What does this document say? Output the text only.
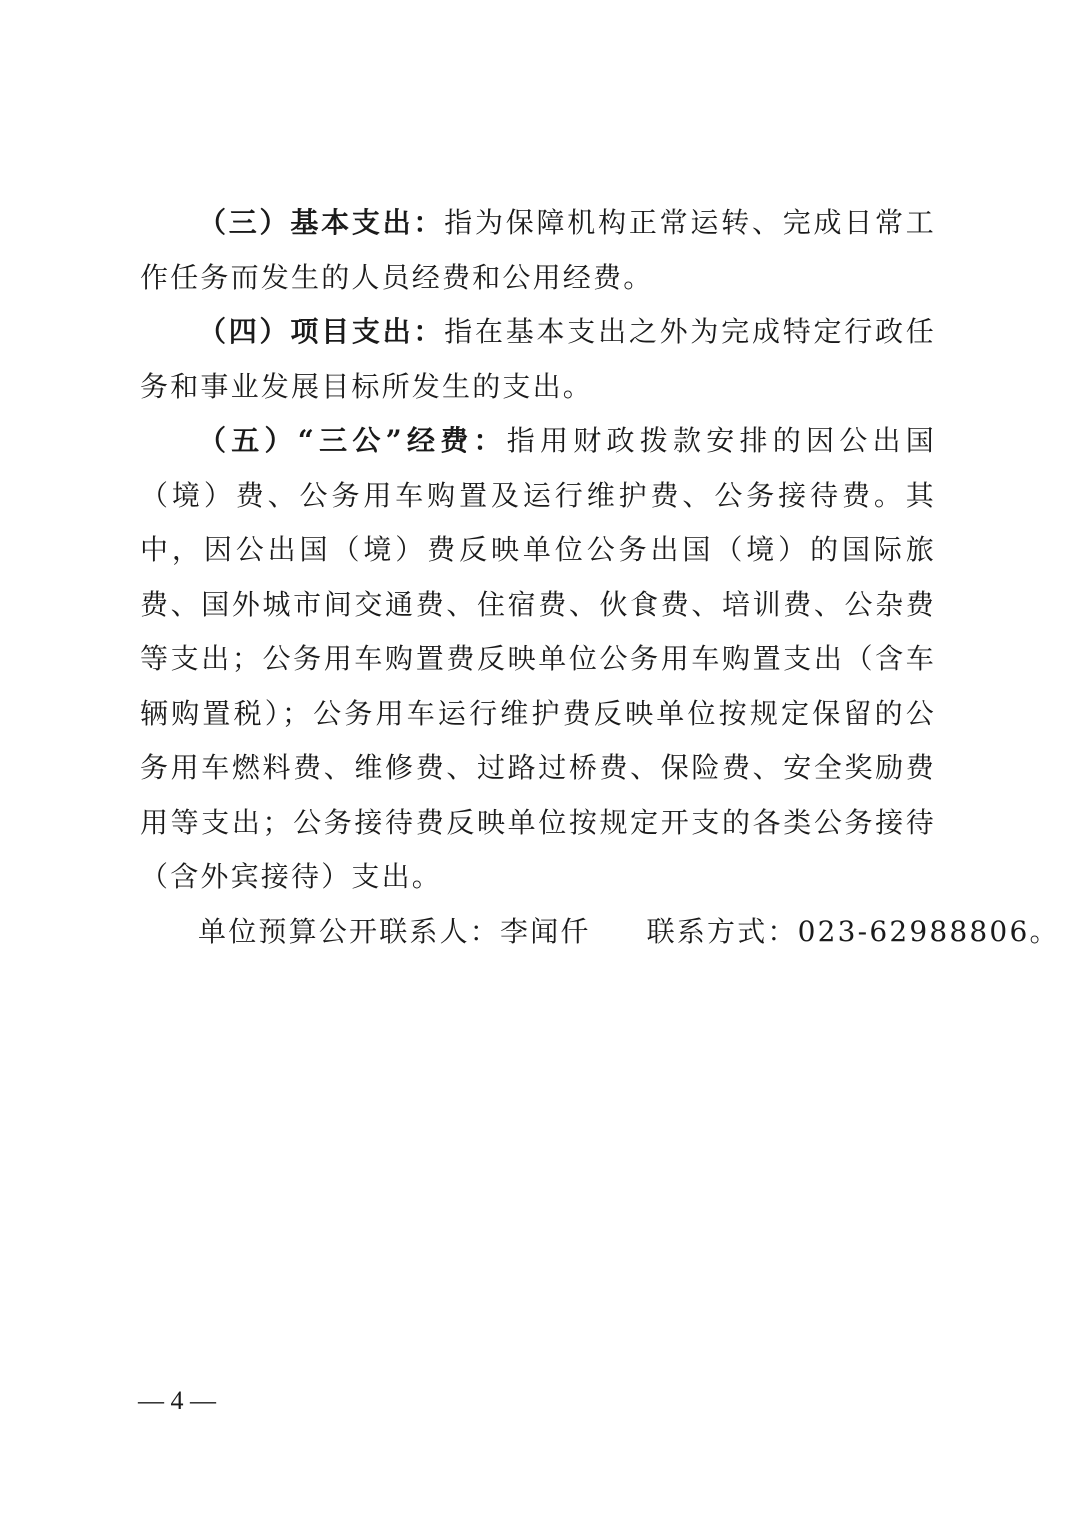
（三）基本支出：指为保障机构正常运转、完成日常工作任务而发生的人员经费和公用经费。

（四）项目支出：指在基本支出之外为完成特定行政任务和事业发展目标所发生的支出。

（五）“三公”经费：指用财政拨款安排的因公出国（境）费、公务用车购置及运行维护费、公务接待费。其中，因公出国（境）费反映单位公务出国（境）的国际旅费、国外城市间交通费、住宿费、伙食费、培训费、公杂费等支出；公务用车购置费反映单位公务用车购置支出（含车辆购置税）；公务用车运行维护费反映单位按规定保留的公务用车燃料费、维修费、过路过桥费、保险费、安全奖励费用等支出；公务接待费反映单位按规定开支的各类公务接待（含外宾接待）支出。

单位预算公开联系人：李闻仟 联系方式：023-62988806。

— 4 —
